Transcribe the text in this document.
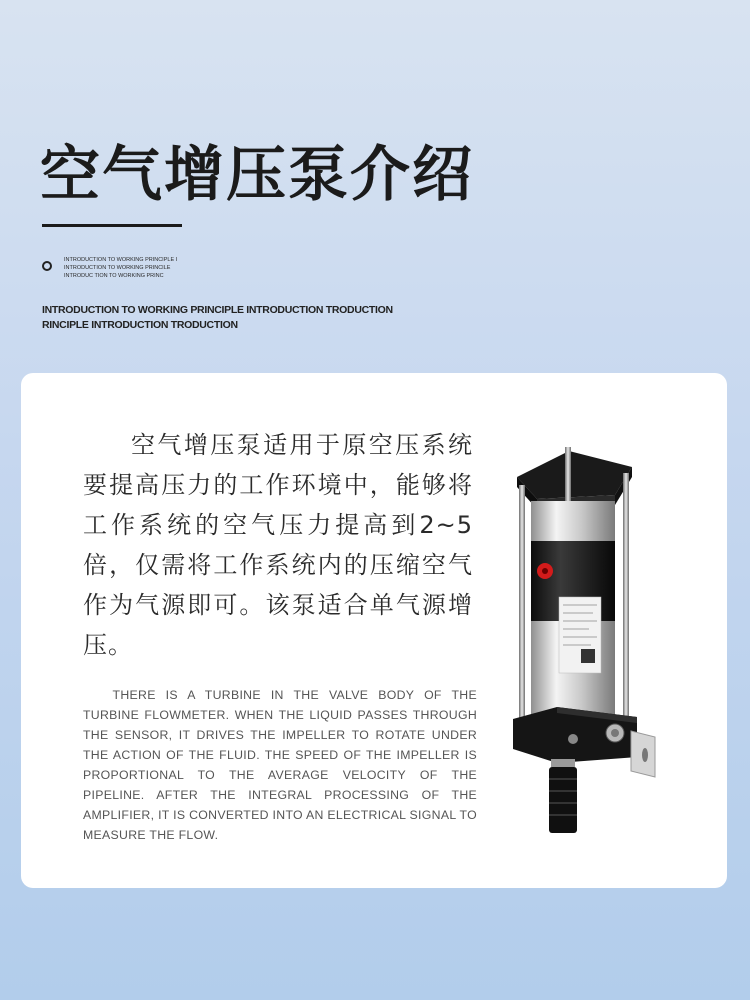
空气增压泵介绍
INTRODUCTION TO WORKING PRINCIPLE I INTRODUCTION TO WORKING PRINCILE INTRODUC TION TO WORKING PRINC
INTRODUCTION TO WORKING PRINCIPLE INTRODUCTION TRODUCTION RINCIPLE INTRODUCTION TRODUCTION

空气增压泵适用于原空压系统要提高压力的工作环境中，能够将工作系统的空气压力提高到2~5倍，仅需将工作系统内的压缩空气作为气源即可。该泵适合单气源增压。

THERE IS A TURBINE IN THE VALVE BODY OF THE TURBINE FLOWMETER. WHEN THE LIQUID PASSES THROUGH THE SENSOR, IT DRIVES THE IMPELLER TO ROTATE UNDER THE ACTION OF THE FLUID. THE SPEED OF THE IMPELLER IS PROPORTIONAL TO THE AVERAGE VELOCITY OF THE PIPELINE. AFTER THE INTEGRAL PROCESSING OF THE AMPLIFIER, IT IS CONVERTED INTO AN ELECTRICAL SIGNAL TO MEASURE THE FLOW.
